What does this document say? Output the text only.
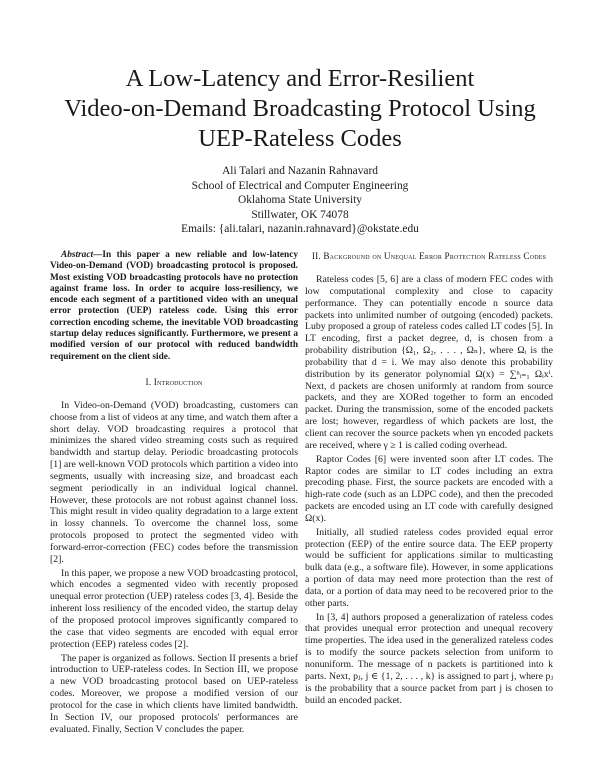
A Low-Latency and Error-Resilient
Video-on-Demand Broadcasting Protocol Using
UEP-Rateless Codes
Ali Talari and Nazanin Rahnavard
School of Electrical and Computer Engineering
Oklahoma State University
Stillwater, OK 74078
Emails: {ali.talari, nazanin.rahnavard}@okstate.edu

Abstract—In this paper a new reliable and low-latency Video-on-Demand (VOD) broadcasting protocol is proposed. Most existing VOD broadcasting protocols have no protection against frame loss. In order to acquire loss-resiliency, we encode each segment of a partitioned video with an unequal error protection (UEP) rateless code. Using this error correction encoding scheme, the inevitable VOD broadcasting startup delay reduces significantly. Furthermore, we present a modified version of our protocol with reduced bandwidth requirement on the client side.

I. Introduction

In Video-on-Demand (VOD) broadcasting, customers can choose from a list of videos at any time, and watch them after a short delay. VOD broadcasting requires a protocol that minimizes the shared video streaming costs such as required bandwidth and startup delay. Periodic broadcasting protocols [1] are well-known VOD protocols which partition a video into segments, usually with increasing size, and broadcast each segment periodically in an individual logical channel. However, these protocols are not robust against channel loss. This might result in video quality degradation to a large extent in lossy channels. To overcome the channel loss, some protocols proposed to protect the segmented video with forward-error-correction (FEC) codes before the transmission [2].

In this paper, we propose a new VOD broadcasting protocol, which encodes a segmented video with recently proposed unequal error protection (UEP) rateless codes [3, 4]. Beside the inherent loss resiliency of the encoded video, the startup delay of the proposed protocol improves significantly compared to the case that video segments are encoded with equal error protection (EEP) rateless codes [2].

The paper is organized as follows. Section II presents a brief introduction to UEP-rateless codes. In Section III, we propose a new VOD broadcasting protocol based on UEP-rateless codes. Moreover, we propose a modified version of our protocol for the case in which clients have limited bandwidth. In Section IV, our proposed protocols' performances are evaluated. Finally, Section V concludes the paper.

II. Background on Unequal Error Protection Rateless Codes

Rateless codes [5, 6] are a class of modern FEC codes with low computational complexity and close to capacity performance. They can potentially encode n source data packets into unlimited number of outgoing (encoded) packets. Luby proposed a group of rateless codes called LT codes [5]. In LT encoding, first a packet degree, d, is chosen from a probability distribution {Ω₁, Ω₂, . . . , Ωₙ}, where Ωᵢ is the probability that d = i. We may also denote this probability distribution by its generator polynomial Ω(x) = ∑ⁿᵢ₌₁ Ωᵢxⁱ. Next, d packets are chosen uniformly at random from source packets, and they are XORed together to form an encoded packet. During the transmission, some of the encoded packets are lost; however, regardless of which packets are lost, the client can recover the source packets when γn encoded packets are received, where γ ≥ 1 is called coding overhead.

Raptor Codes [6] were invented soon after LT codes. The Raptor codes are similar to LT codes including an extra precoding phase. First, the source packets are encoded with a high-rate code (such as an LDPC code), and then the precoded packets are encoded using an LT code with carefully designed Ω(x).

Initially, all studied rateless codes provided equal error protection (EEP) of the entire source data. The EEP property would be sufficient for applications similar to multicasting bulk data (e.g., a software file). However, in some applications a portion of data may need more protection than the rest of data, or a portion of data may need to be recovered prior to the other parts.

In [3, 4] authors proposed a generalization of rateless codes that provides unequal error protection and unequal recovery time properties. The idea used in the generalized rateless codes is to modify the source packets selection from uniform to nonuniform. The message of n packets is partitioned into k parts. Next, pⱼ, j ∈ {1, 2, . . . , k} is assigned to part j, where pⱼ is the probability that a source packet from part j is chosen to build an encoded packet.
